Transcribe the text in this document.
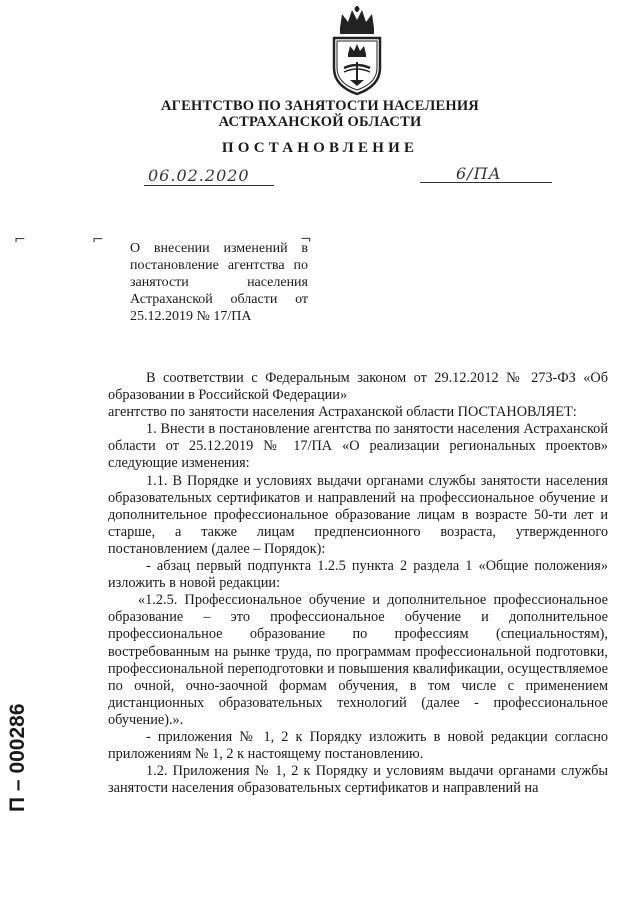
АГЕНТСТВО ПО ЗАНЯТОСТИ НАСЕЛЕНИЯ
АСТРАХАНСКОЙ ОБЛАСТИ
ПОСТАНОВЛЕНИЕ
06.02.2020	6/ПА
⌐	⌐	¬
О внесении изменений в постановление агентства по занятости населения Астраханской области от 25.12.2019 № 17/ПА

В соответствии с Федеральным законом от 29.12.2012 № 273-ФЗ «Об образовании в Российской Федерации»

агентство по занятости населения Астраханской области ПОСТАНОВЛЯЕТ:

1. Внести в постановление агентства по занятости населения Астраханской области от 25.12.2019 № 17/ПА «О реализации региональных проектов» следующие изменения:

1.1. В Порядке и условиях выдачи органами службы занятости населения образовательных сертификатов и направлений на профессиональное обучение и дополнительное профессиональное образование лицам в возрасте 50-ти лет и старше, а также лицам предпенсионного возраста, утвержденного постановлением (далее – Порядок):

- абзац первый подпункта 1.2.5 пункта 2 раздела 1 «Общие положения» изложить в новой редакции:

«1.2.5. Профессиональное обучение и дополнительное профессиональное образование – это профессиональное обучение и дополнительное профессиональное образование по профессиям (специальностям), востребованным на рынке труда, по программам профессиональной подготовки, профессиональной переподготовки и повышения квалификации, осуществляемое по очной, очно-заочной формам обучения, в том числе с применением дистанционных образовательных технологий (далее - профессиональное обучение).».

- приложения № 1, 2 к Порядку изложить в новой редакции согласно приложениям № 1, 2 к настоящему постановлению.

1.2. Приложения № 1, 2 к Порядку и условиям выдачи органами службы занятости населения образовательных сертификатов и направлений на

П – 000286
